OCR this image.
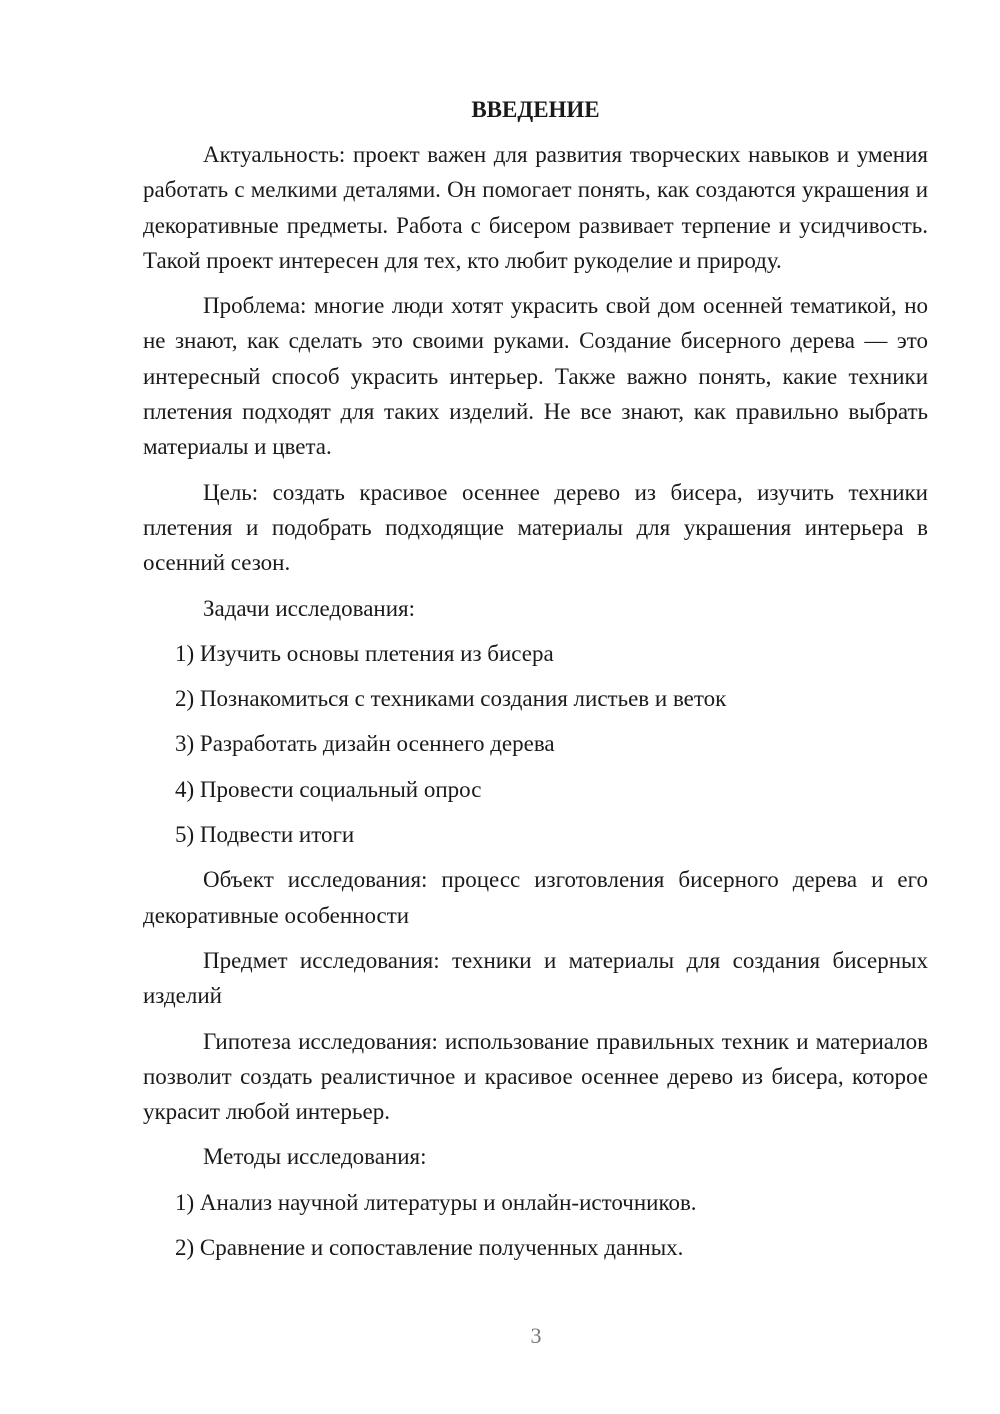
ВВЕДЕНИЕ

Актуальность: проект важен для развития творческих навыков и умения работать с мелкими деталями. Он помогает понять, как создаются украшения и декоративные предметы. Работа с бисером развивает терпение и усидчивость. Такой проект интересен для тех, кто любит рукоделие и природу.

Проблема: многие люди хотят украсить свой дом осенней тематикой, но не знают, как сделать это своими руками. Создание бисерного дерева — это интересный способ украсить интерьер. Также важно понять, какие техники плетения подходят для таких изделий. Не все знают, как правильно выбрать материалы и цвета.

Цель: создать красивое осеннее дерево из бисера, изучить техники плетения и подобрать подходящие материалы для украшения интерьера в осенний сезон.

Задачи исследования:

1) Изучить основы плетения из бисера
2) Познакомиться с техниками создания листьев и веток
3) Разработать дизайн осеннего дерева
4) Провести социальный опрос
5) Подвести итоги

Объект исследования: процесс изготовления бисерного дерева и его декоративные особенности

Предмет исследования: техники и материалы для создания бисерных изделий

Гипотеза исследования: использование правильных техник и материалов позволит создать реалистичное и красивое осеннее дерево из бисера, которое украсит любой интерьер.

Методы исследования:

1) Анализ научной литературы и онлайн-источников.
2) Сравнение и сопоставление полученных данных.
3
